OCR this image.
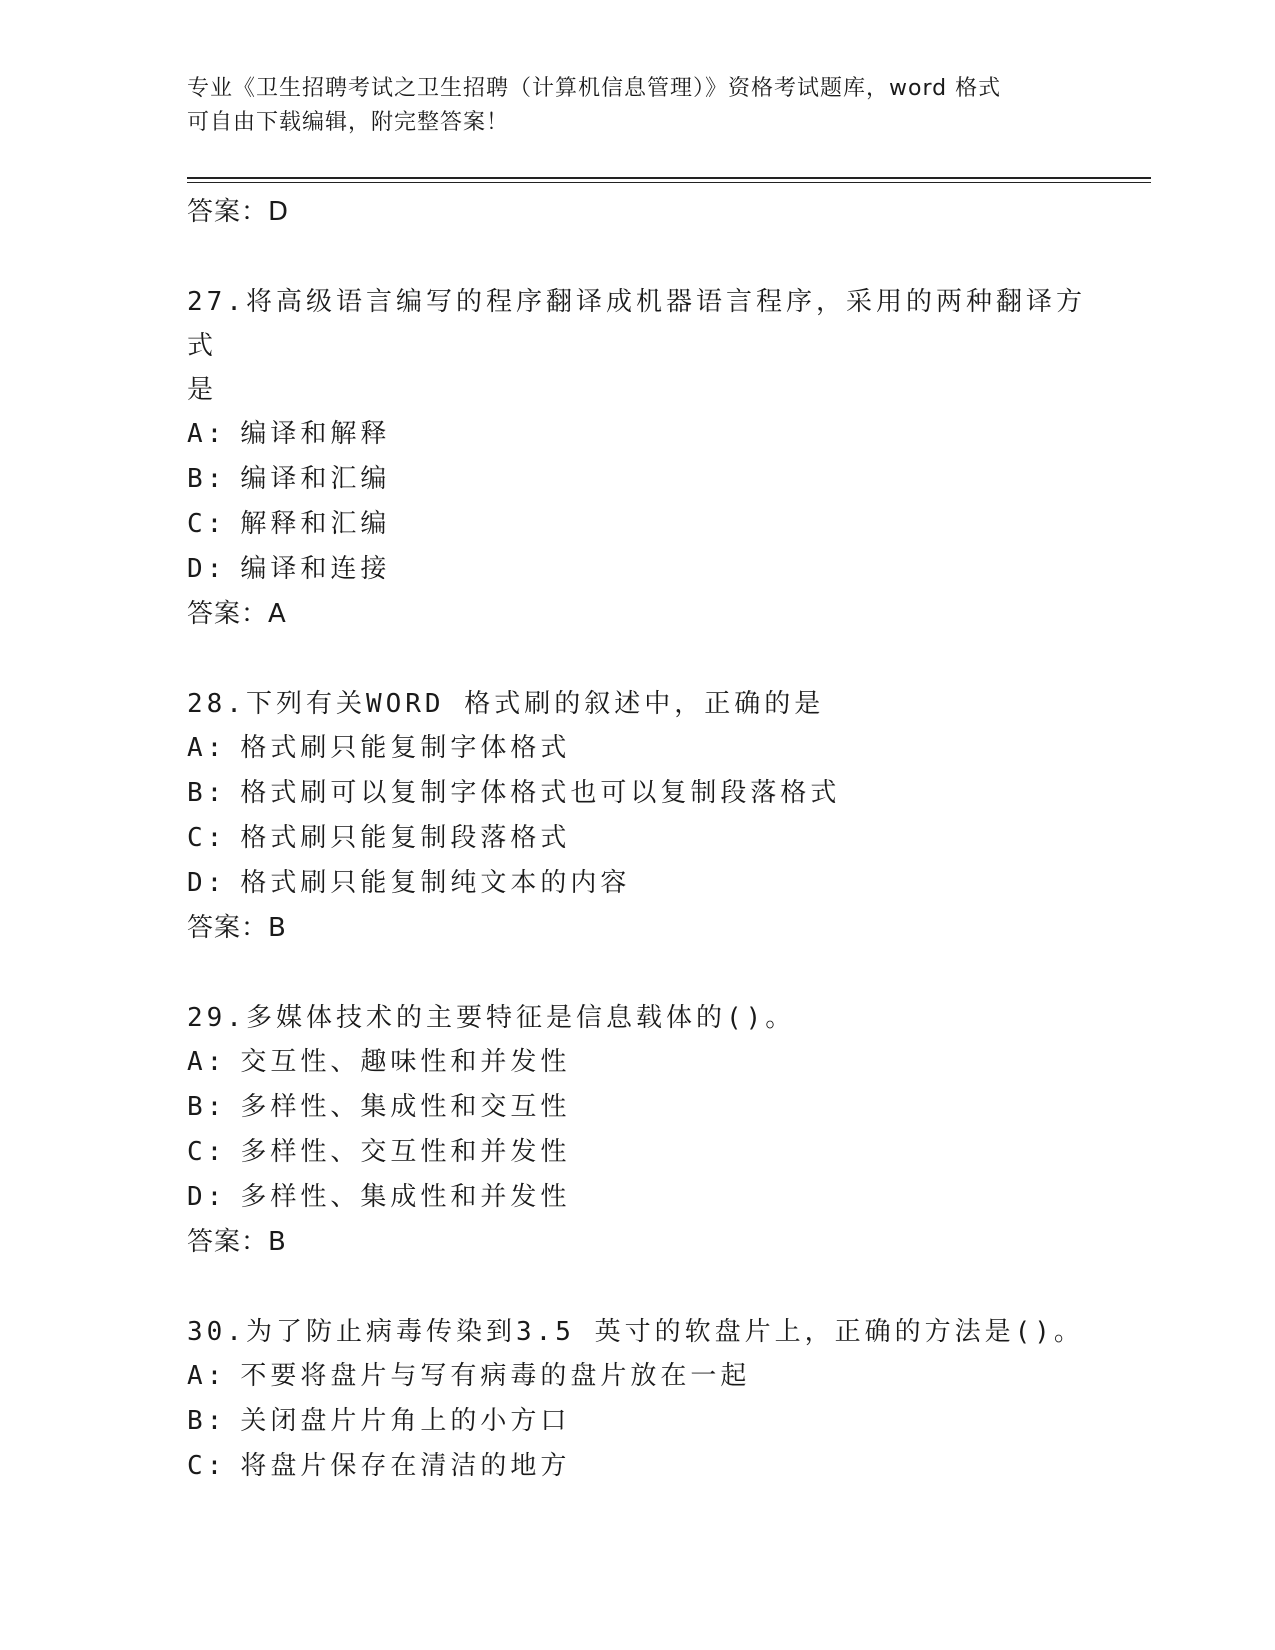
专业《卫生招聘考试之卫生招聘（计算机信息管理）》资格考试题库，word 格式
可自由下载编辑，附完整答案！
答案：D
27.将高级语言编写的程序翻译成机器语言程序，采用的两种翻译方式
是
A: 编译和解释
B: 编译和汇编
C: 解释和汇编
D: 编译和连接
答案：A
28.下列有关WORD 格式刷的叙述中，正确的是
A: 格式刷只能复制字体格式
B: 格式刷可以复制字体格式也可以复制段落格式
C: 格式刷只能复制段落格式
D: 格式刷只能复制纯文本的内容
答案：B
29.多媒体技术的主要特征是信息载体的()。
A: 交互性、趣味性和并发性
B: 多样性、集成性和交互性
C: 多样性、交互性和并发性
D: 多样性、集成性和并发性
答案：B
30.为了防止病毒传染到3.5 英寸的软盘片上，正确的方法是()。
A: 不要将盘片与写有病毒的盘片放在一起
B: 关闭盘片片角上的小方口
C: 将盘片保存在清洁的地方
